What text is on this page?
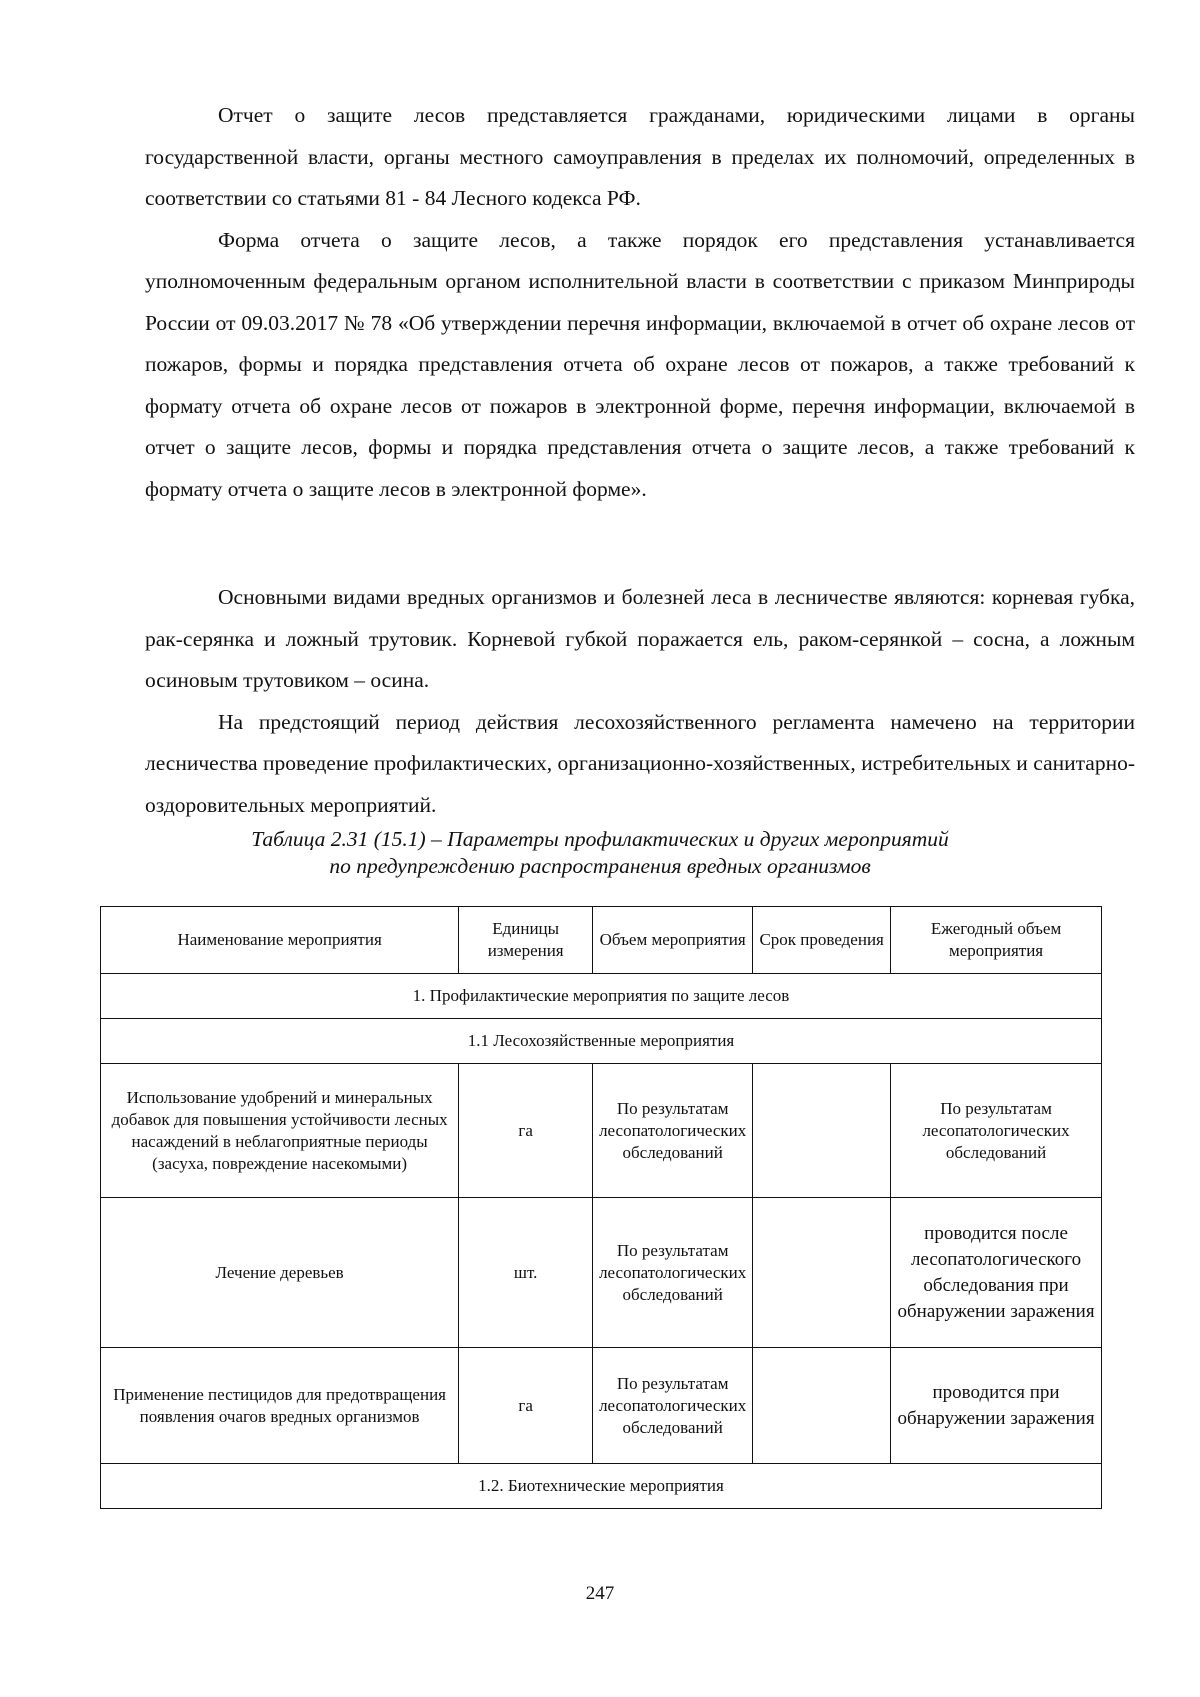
Отчет о защите лесов представляется гражданами, юридическими лицами в органы государственной власти, органы местного самоуправления в пределах их полномочий, определенных в соответствии со статьями 81 - 84 Лесного кодекса РФ.

Форма отчета о защите лесов, а также порядок его представления устанавливается уполномоченным федеральным органом исполнительной власти в соответствии с приказом Минприроды России от 09.03.2017 № 78 «Об утверждении перечня информации, включаемой в отчет об охране лесов от пожаров, формы и порядка представления отчета об охране лесов от пожаров, а также требований к формату отчета об охране лесов от пожаров в электронной форме, перечня информации, включаемой в отчет о защите лесов, формы и порядка представления отчета о защите лесов, а также требований к формату отчета о защите лесов в электронной форме».

Основными видами вредных организмов и болезней леса в лесничестве являются: корневая губка, рак-серянка и ложный трутовик. Корневой губкой поражается ель, раком-серянкой – сосна, а ложным осиновым трутовиком – осина.

На предстоящий период действия лесохозяйственного регламента намечено на территории лесничества проведение профилактических, организационно-хозяйственных, истребительных и санитарно-оздоровительных мероприятий.

Таблица 2.31 (15.1) – Параметры профилактических и других мероприятий
по предупреждению распространения вредных организмов
Наименование мероприятия	Единицы измерения	Объем мероприятия	Срок проведения	Ежегодный объем мероприятия
1. Профилактические мероприятия по защите лесов				
1.1 Лесохозяйственные мероприятия				
Использование удобрений и минеральных добавок для повышения устойчивости лесных насаждений в неблагоприятные периоды (засуха, повреждение насекомыми)	га	По результатам лесопатологических обследований		По результатам лесопатологических обследований
Лечение деревьев	шт.	По результатам лесопатологических обследований		проводится после лесопатологического обследования при обнаружении заражения
Применение пестицидов для предотвращения появления очагов вредных организмов	га	По результатам лесопатологических обследований		проводится при обнаружении заражения
1.2. Биотехнические мероприятия				
247
